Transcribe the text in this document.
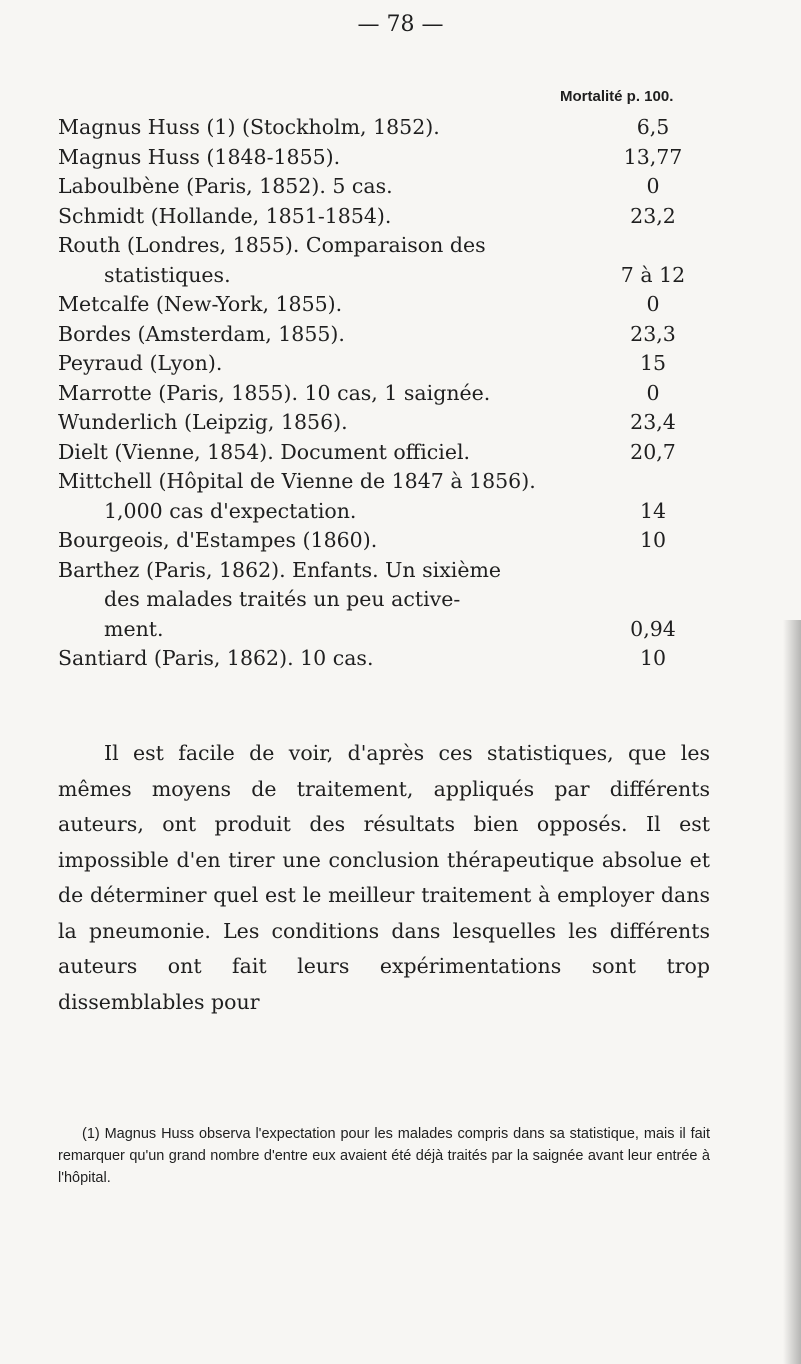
— 78 —
Mortalité p. 100.
Magnus Huss (1) (Stockholm, 1852).	6,5
Magnus Huss (1848-1855).	13,77
Laboulbène (Paris, 1852). 5 cas.	0
Schmidt (Hollande, 1851-1854).	23,2
Routh (Londres, 1855). Comparaison des
statistiques.	7 à 12
Metcalfe (New-York, 1855).	0
Bordes (Amsterdam, 1855).	23,3
Peyraud (Lyon).	15
Marrotte (Paris, 1855). 10 cas, 1 saignée.	0
Wunderlich (Leipzig, 1856).	23,4
Dielt (Vienne, 1854). Document officiel.	20,7
Mittchell (Hôpital de Vienne de 1847 à 1856).
1,000 cas d'expectation.	14
Bourgeois, d'Estampes (1860).	10
Barthez (Paris, 1862). Enfants. Un sixième
des malades traités un peu active-
ment.	0,94
Santiard (Paris, 1862). 10 cas.	10
Il est facile de voir, d'après ces statistiques, que les mêmes moyens de traitement, appliqués par différents auteurs, ont produit des résultats bien opposés. Il est impossible d'en tirer une conclusion thérapeutique absolue et de déterminer quel est le meilleur traitement à employer dans la pneumonie. Les conditions dans lesquelles les différents auteurs ont fait leurs expérimentations sont trop dissemblables pour
(1) Magnus Huss observa l'expectation pour les malades compris dans sa statistique, mais il fait remarquer qu'un grand nombre d'entre eux avaient été déjà traités par la saignée avant leur entrée à l'hôpital.
